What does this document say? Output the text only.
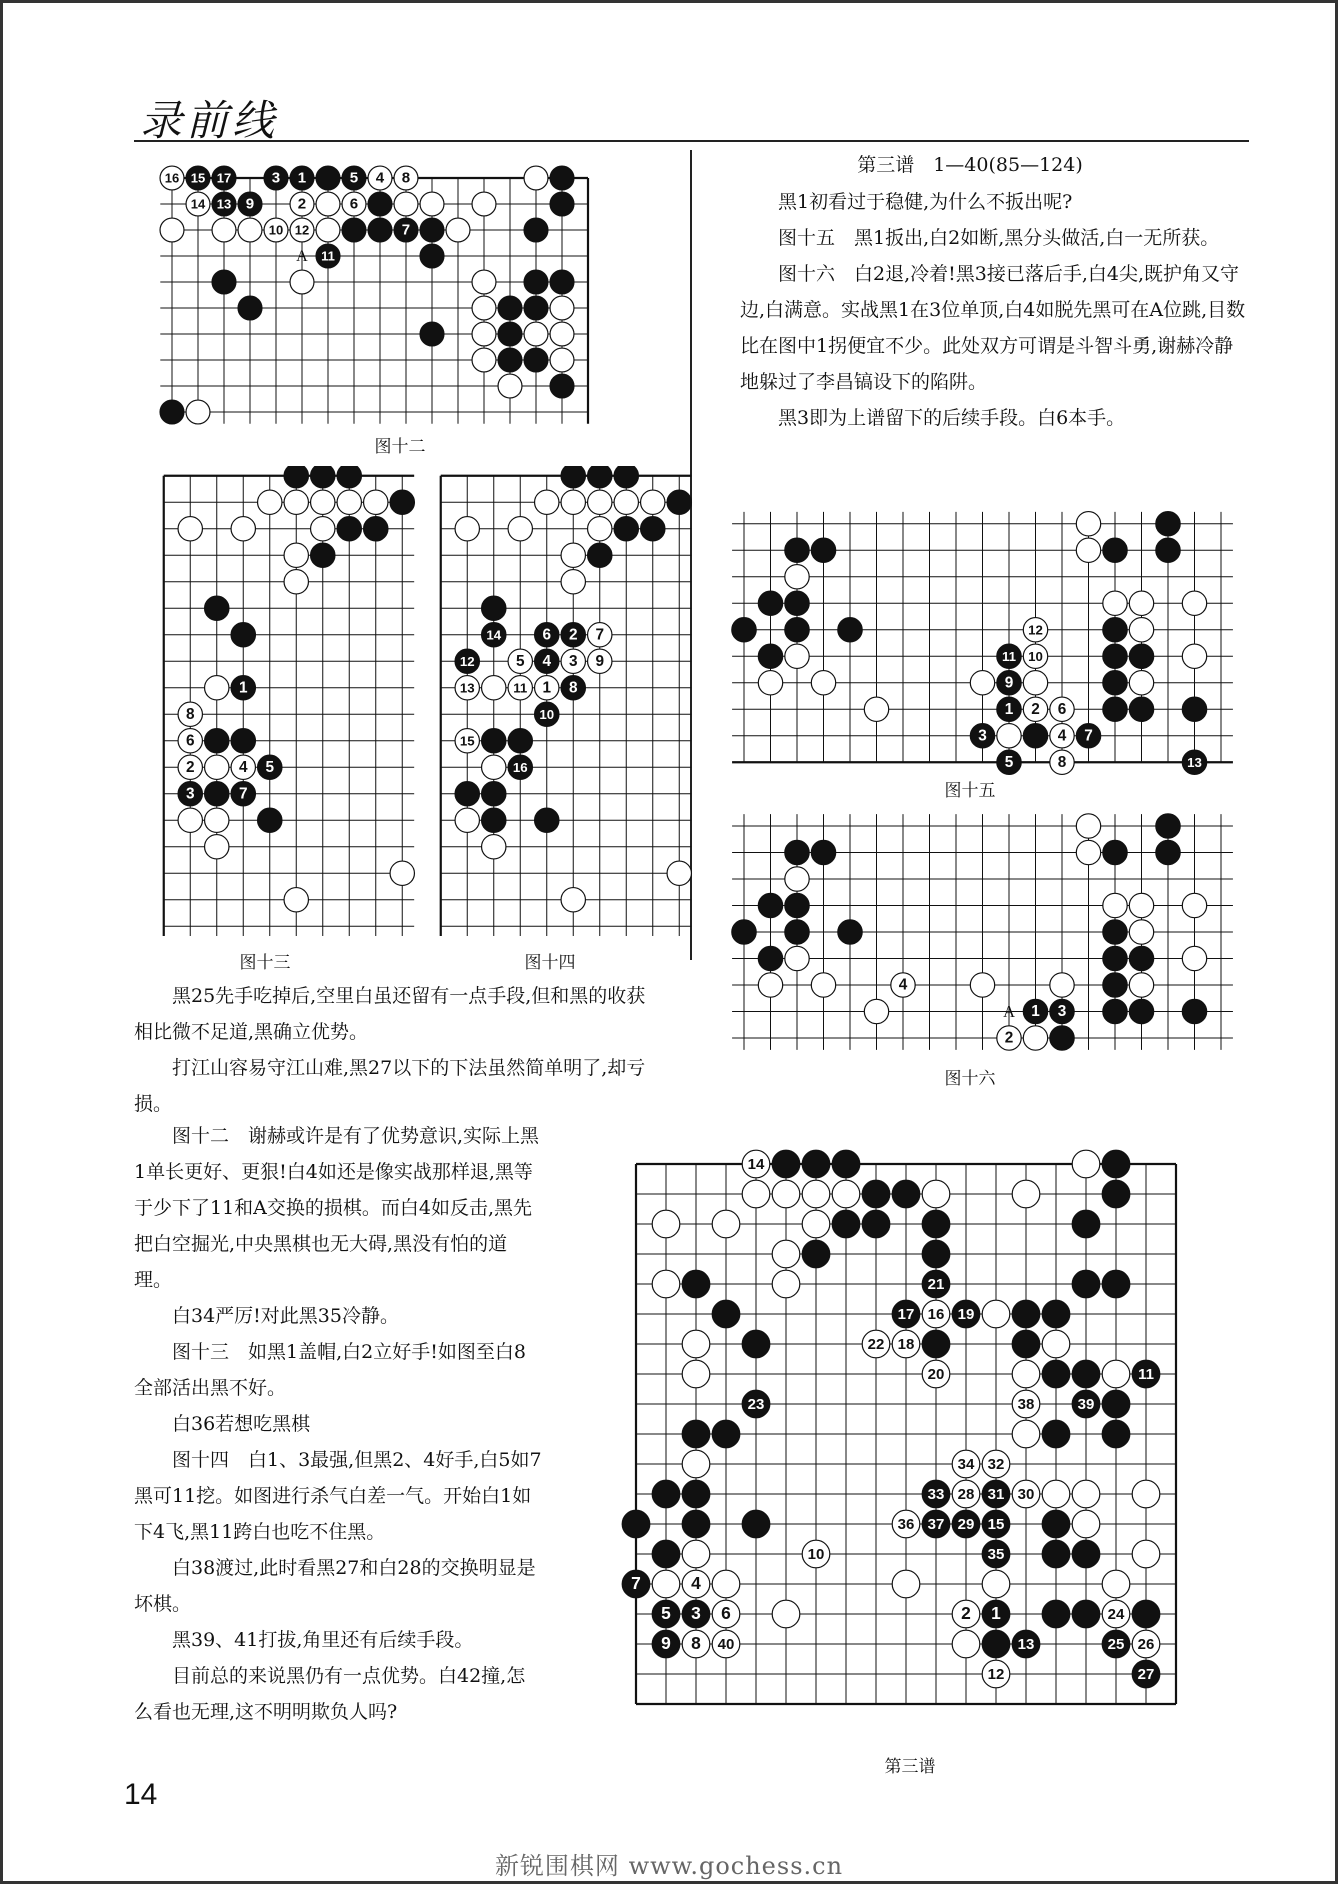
录前线
16 15 17	3 1	5 4 8
14 13 9	2	6
10 12	7
11
A
图十二
1
8
6
2	4 5
3	7
图十三
14	6 2 7
12	5 4 3 9
13	11 1 8
10
15
16
图十四
12
11 10
9
1 2 6
3	4 7
5	8	13
图十五
4
1 3
2
A
图十六
14
21
17 16 19
22 18
20	11
23	38	39
34 32
33 28 31 30
36 37 29 15
10	35
7	4
5 3 6	2 1	24
9 8 40	13	25 26
12	27
第三谱
第三谱　1—40(85—124)

黑1初看过于稳健,为什么不扳出呢?

图十五　黑1扳出,白2如断,黑分头做活,白一无所获。

图十六　白2退,冷着!黑3接已落后手,白4尖,既护角又守边,白满意。实战黑1在3位单顶,白4如脱先黑可在A位跳,目数比在图中1拐便宜不少。此处双方可谓是斗智斗勇,谢赫冷静地躲过了李昌镐设下的陷阱。

黑3即为上谱留下的后续手段。白6本手。

黑25先手吃掉后,空里白虽还留有一点手段,但和黑的收获相比微不足道,黑确立优势。

打江山容易守江山难,黑27以下的下法虽然简单明了,却亏损。

图十二　谢赫或许是有了优势意识,实际上黑1单长更好、更狠!白4如还是像实战那样退,黑等于少下了11和A交换的损棋。而白4如反击,黑先把白空掘光,中央黑棋也无大碍,黑没有怕的道理。

白34严厉!对此黑35冷静。

图十三　如黑1盖帽,白2立好手!如图至白8全部活出黑不好。

白36若想吃黑棋

图十四　白1、3最强,但黑2、4好手,白5如7黑可11挖。如图进行杀气白差一气。开始白1如下4飞,黑11跨白也吃不住黑。

白38渡过,此时看黑27和白28的交换明显是坏棋。

黑39、41打拔,角里还有后续手段。

目前总的来说黑仍有一点优势。白42撞,怎么看也无理,这不明明欺负人吗?

14
新锐围棋网 www.gochess.cn
